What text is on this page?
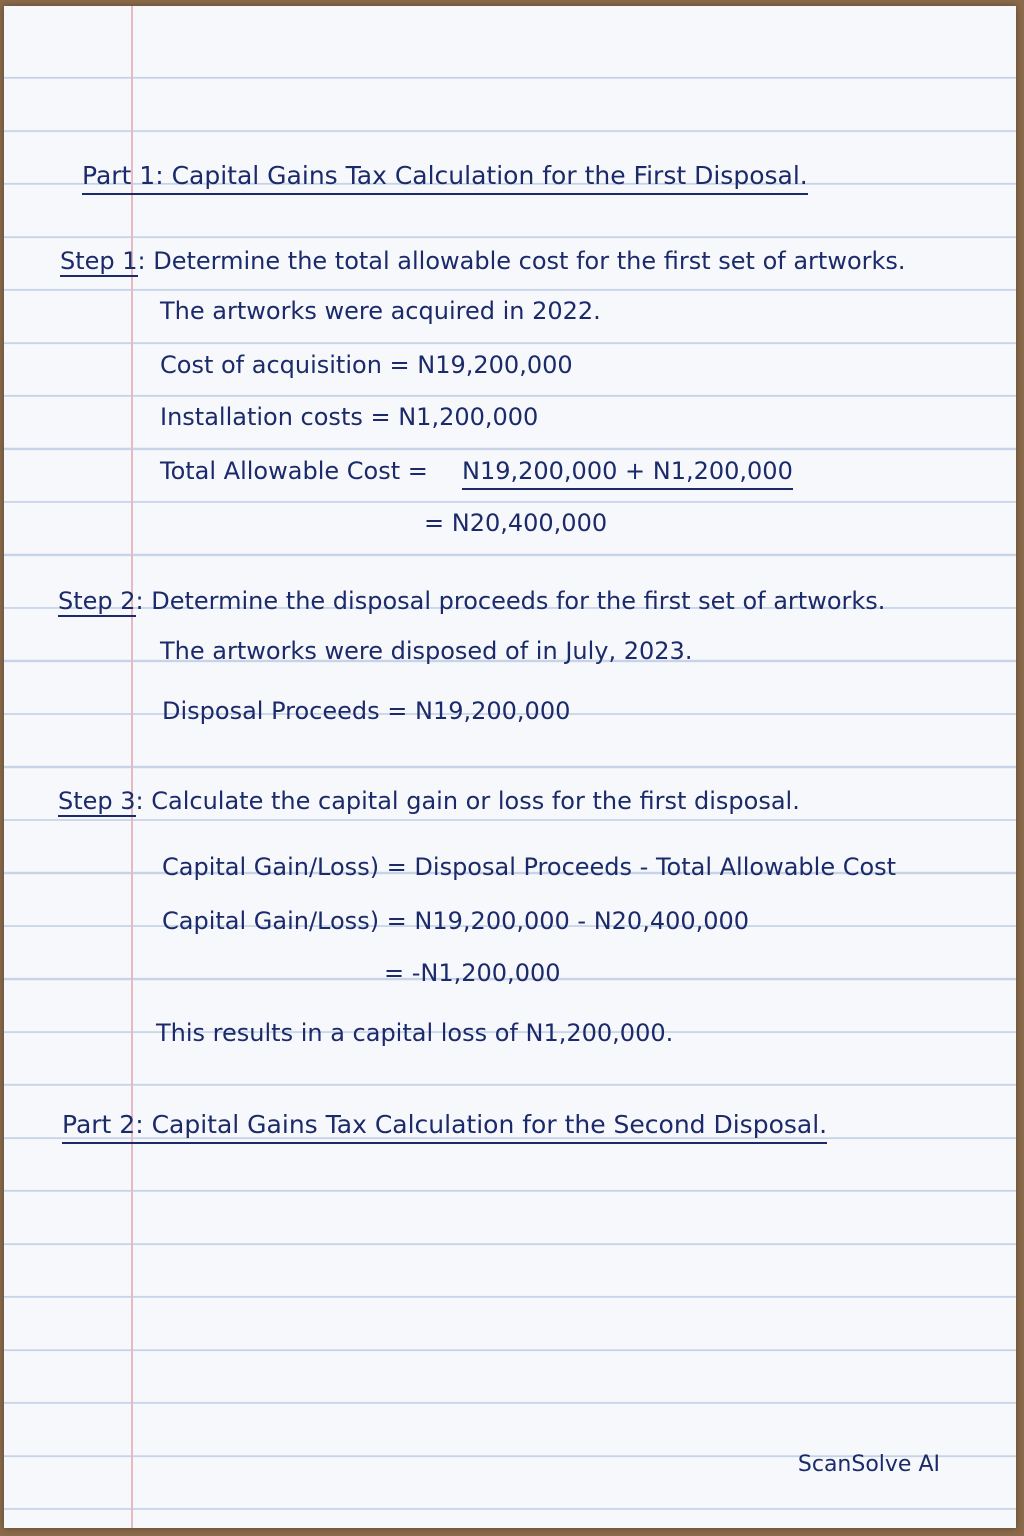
Part 1: Capital Gains Tax Calculation for the First Disposal.

Step 1: Determine the total allowable cost for the first set of artworks.

The artworks were acquired in 2022.

Cost of acquisition = N19,200,000

Installation costs = N1,200,000

Total Allowable Cost = N19,200,000 + N1,200,000

= N20,400,000

Step 2: Determine the disposal proceeds for the first set of artworks.

The artworks were disposed of in July, 2023.

Disposal Proceeds = N19,200,000

Step 3: Calculate the capital gain or loss for the first disposal.

Capital Gain/Loss) = Disposal Proceeds - Total Allowable Cost

Capital Gain/Loss) = N19,200,000 - N20,400,000

= -N1,200,000

This results in a capital loss of N1,200,000.

Part 2: Capital Gains Tax Calculation for the Second Disposal.

ScanSolve AI
